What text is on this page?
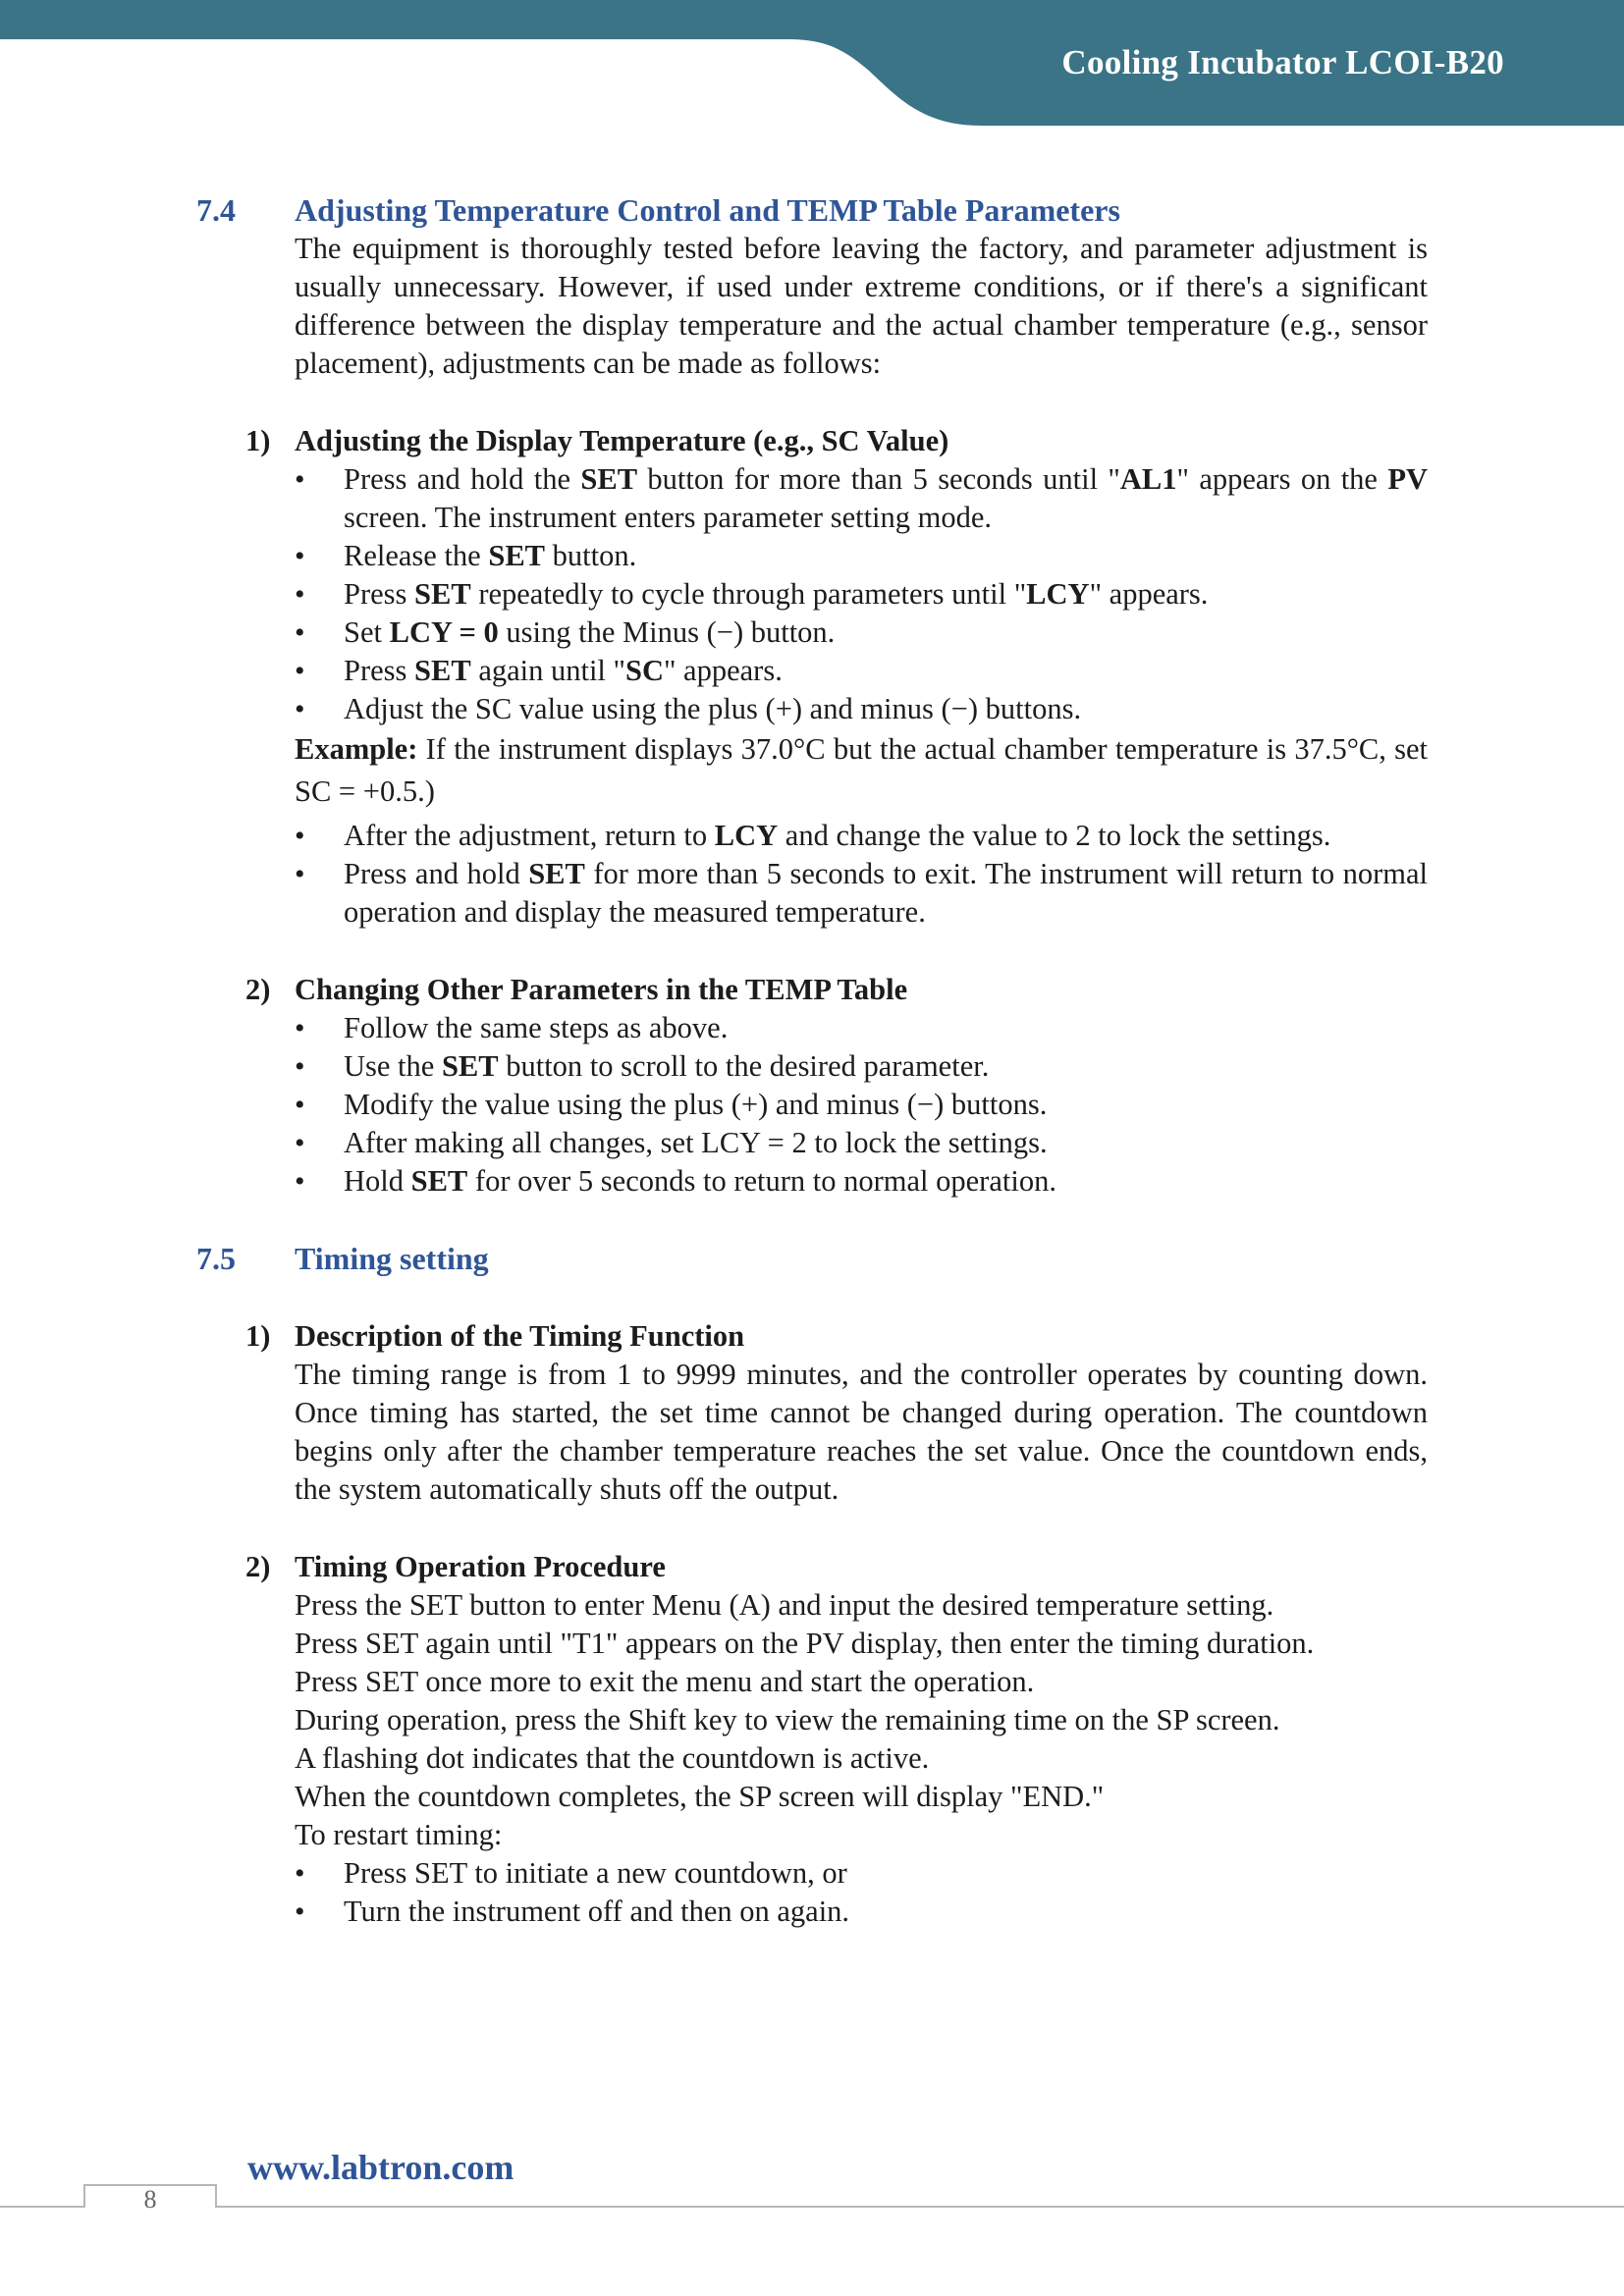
Cooling Incubator LCOI-B20
7.4 Adjusting Temperature Control and TEMP Table Parameters

The equipment is thoroughly tested before leaving the factory, and parameter adjustment is usually unnecessary. However, if used under extreme conditions, or if there's a significant difference between the display temperature and the actual chamber temperature (e.g., sensor placement), adjustments can be made as follows:

1) Adjusting the Display Temperature (e.g., SC Value)
• Press and hold the SET button for more than 5 seconds until "AL1" appears on the PV screen. The instrument enters parameter setting mode.
• Release the SET button.
• Press SET repeatedly to cycle through parameters until "LCY" appears.
• Set LCY = 0 using the Minus (−) button.
• Press SET again until "SC" appears.
• Adjust the SC value using the plus (+) and minus (−) buttons.

Example: If the instrument displays 37.0°C but the actual chamber temperature is 37.5°C, set SC = +0.5.)

• After the adjustment, return to LCY and change the value to 2 to lock the settings.
• Press and hold SET for more than 5 seconds to exit. The instrument will return to normal operation and display the measured temperature.
2) Changing Other Parameters in the TEMP Table
• Follow the same steps as above.
• Use the SET button to scroll to the desired parameter.
• Modify the value using the plus (+) and minus (−) buttons.
• After making all changes, set LCY = 2 to lock the settings.
• Hold SET for over 5 seconds to return to normal operation.
7.5 Timing setting
1) Description of the Timing Function

The timing range is from 1 to 9999 minutes, and the controller operates by counting down. Once timing has started, the set time cannot be changed during operation. The countdown begins only after the chamber temperature reaches the set value. Once the countdown ends, the system automatically shuts off the output.

2) Timing Operation Procedure

Press the SET button to enter Menu (A) and input the desired temperature setting.

Press SET again until "T1" appears on the PV display, then enter the timing duration.

Press SET once more to exit the menu and start the operation.

During operation, press the Shift key to view the remaining time on the SP screen.

A flashing dot indicates that the countdown is active.

When the countdown completes, the SP screen will display "END."

To restart timing:

• Press SET to initiate a new countdown, or
• Turn the instrument off and then on again.
www.labtron.com
8
